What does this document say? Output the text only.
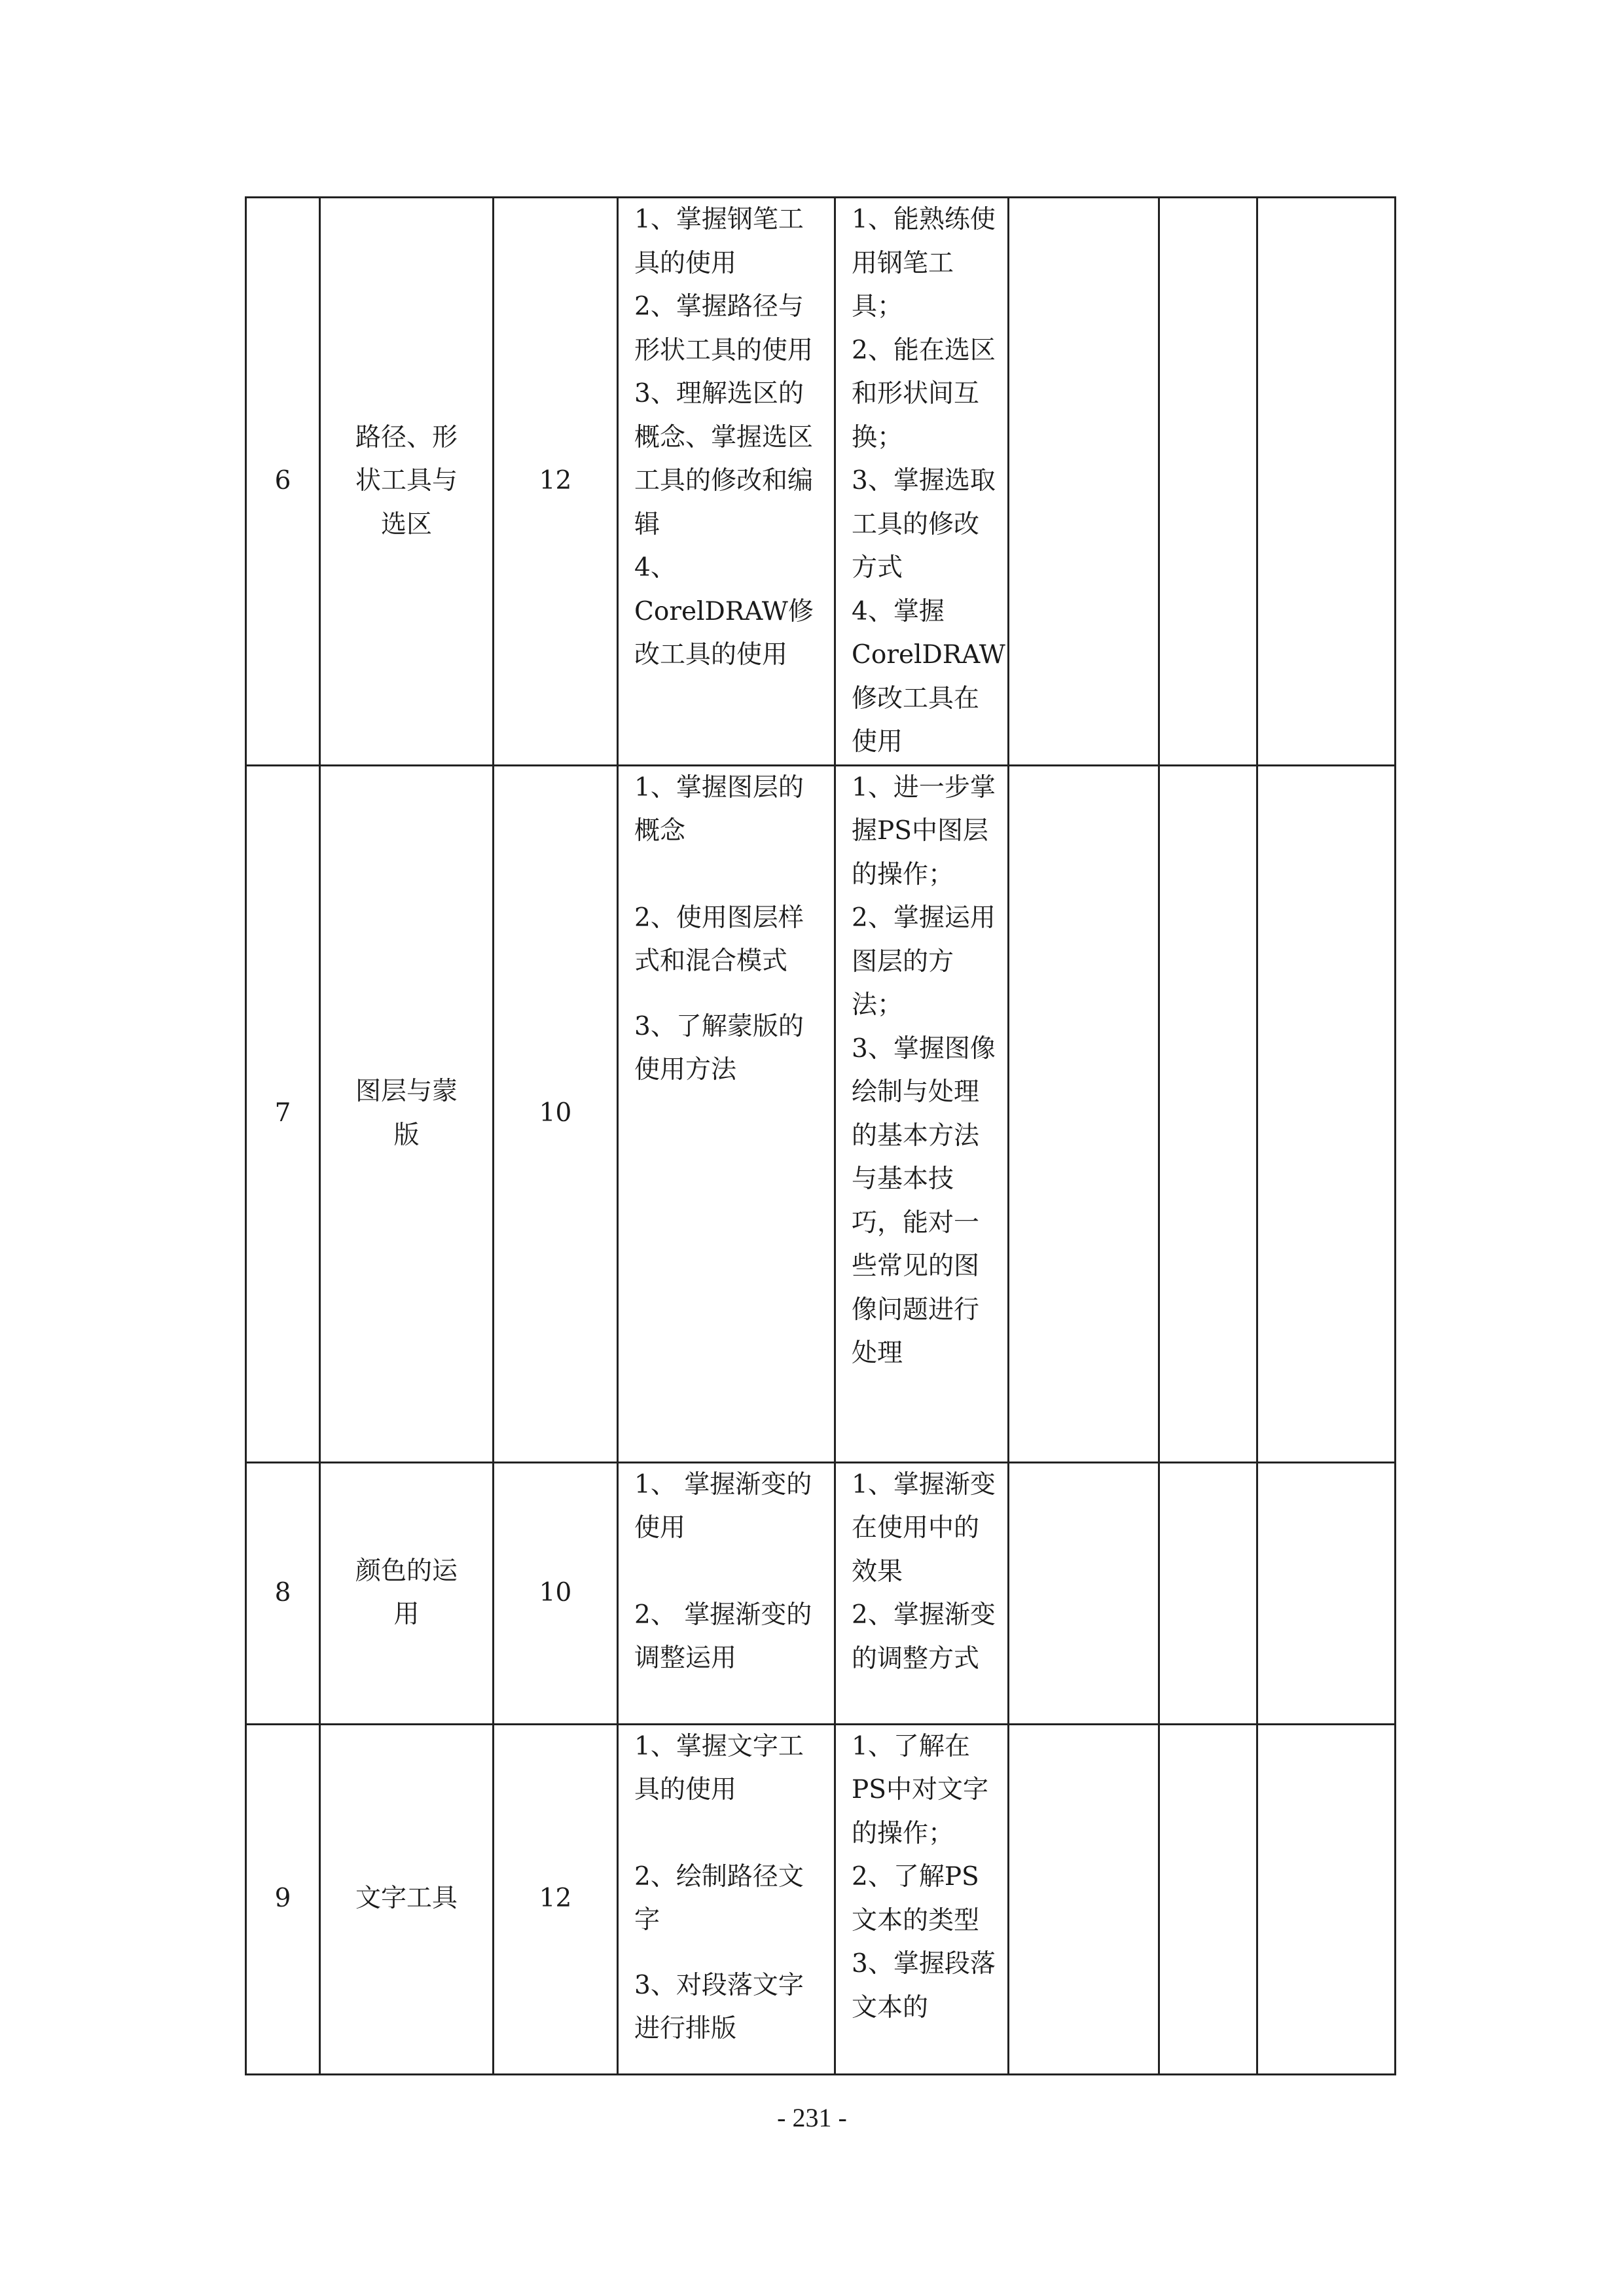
6	路径、形状工具与选区	12	1、掌握钢笔工具的使用
2、掌握路径与形状工具的使用
3、理解选区的概念、掌握选区工具的修改和编辑
4、CorelDRAW修改工具的使用	1、能熟练使用钢笔工具；
2、能在选区和形状间互换；
3、掌握选取工具的修改方式
4、掌握CorelDRAW修改工具在使用			

7	图层与蒙版	10	1、掌握图层的概念
2、使用图层样式和混合模式
3、了解蒙版的使用方法	1、进一步掌握PS中图层的操作；
2、掌握运用图层的方法；
3、掌握图像绘制与处理的基本方法与基本技巧，能对一些常见的图像问题进行处理			

8	颜色的运用	10	1、 掌握渐变的使用
2、 掌握渐变的调整运用	1、掌握渐变在使用中的效果
2、掌握渐变的调整方式			

9	文字工具	12	1、掌握文字工具的使用
2、绘制路径文字
3、对段落文字进行排版	1、了解在PS中对文字的操作；
2、了解PS文本的类型
3、掌握段落文本的			

- 231 -
